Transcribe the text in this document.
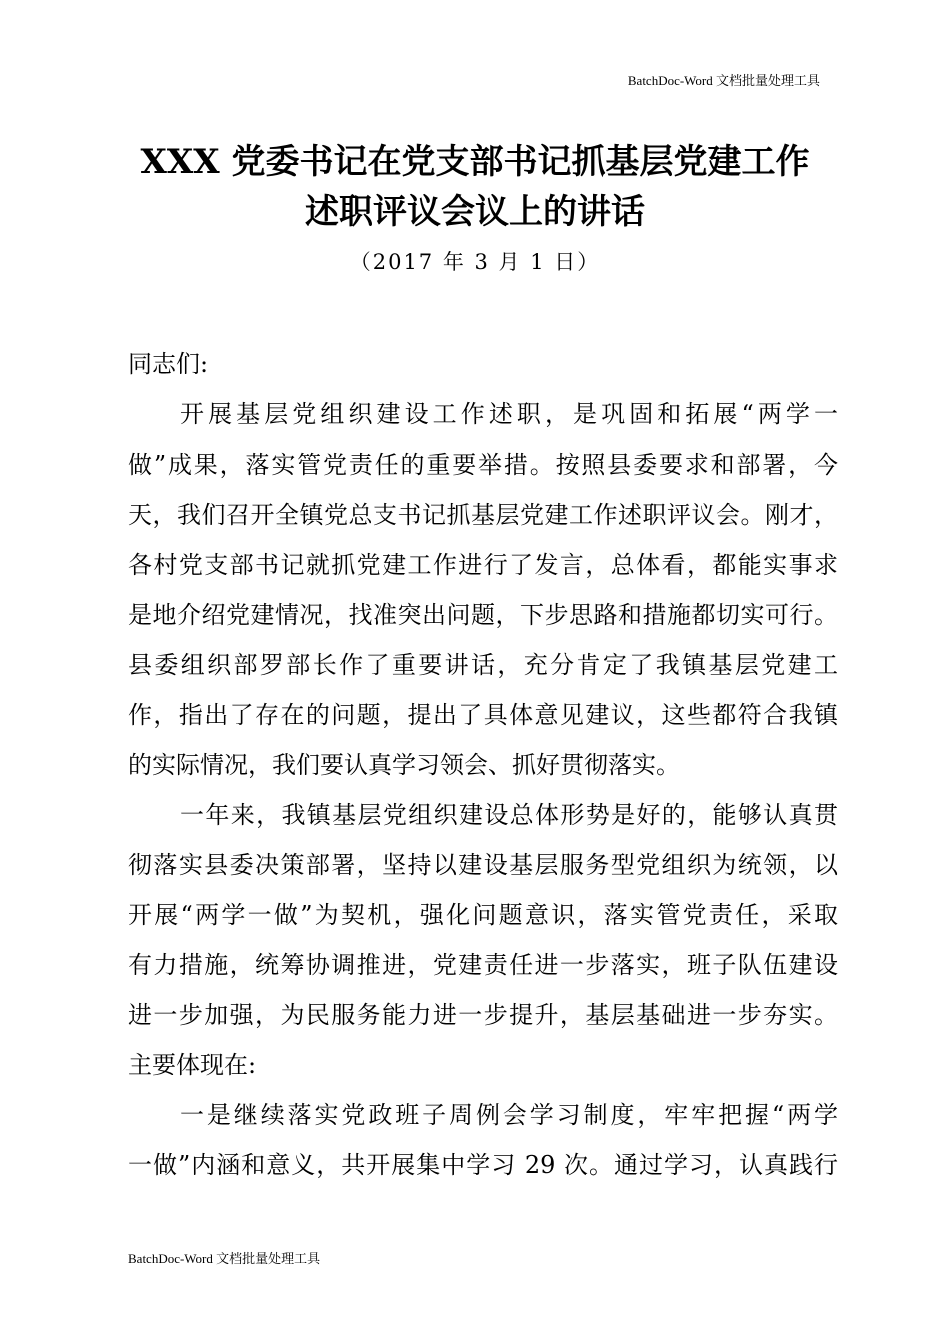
BatchDoc-Word 文档批量处理工具
XXX 党委书记在党支部书记抓基层党建工作
述职评议会议上的讲话
（2017 年 3 月 1 日）
同志们:
开展基层党组织建设工作述职，是巩固和拓展“两学一
做”成果，落实管党责任的重要举措。按照县委要求和部署，今
天，我们召开全镇党总支书记抓基层党建工作述职评议会。刚才，
各村党支部书记就抓党建工作进行了发言，总体看，都能实事求
是地介绍党建情况，找准突出问题，下步思路和措施都切实可行。
县委组织部罗部长作了重要讲话，充分肯定了我镇基层党建工
作，指出了存在的问题，提出了具体意见建议，这些都符合我镇
的实际情况，我们要认真学习领会、抓好贯彻落实。
一年来，我镇基层党组织建设总体形势是好的，能够认真贯
彻落实县委决策部署，坚持以建设基层服务型党组织为统领，以
开展“两学一做”为契机，强化问题意识，落实管党责任，采取
有力措施，统筹协调推进，党建责任进一步落实，班子队伍建设
进一步加强，为民服务能力进一步提升，基层基础进一步夯实。
主要体现在:
一是继续落实党政班子周例会学习制度，牢牢把握“两学
一做”内涵和意义，共开展集中学习 29 次。通过学习，认真践行
BatchDoc-Word 文档批量处理工具
